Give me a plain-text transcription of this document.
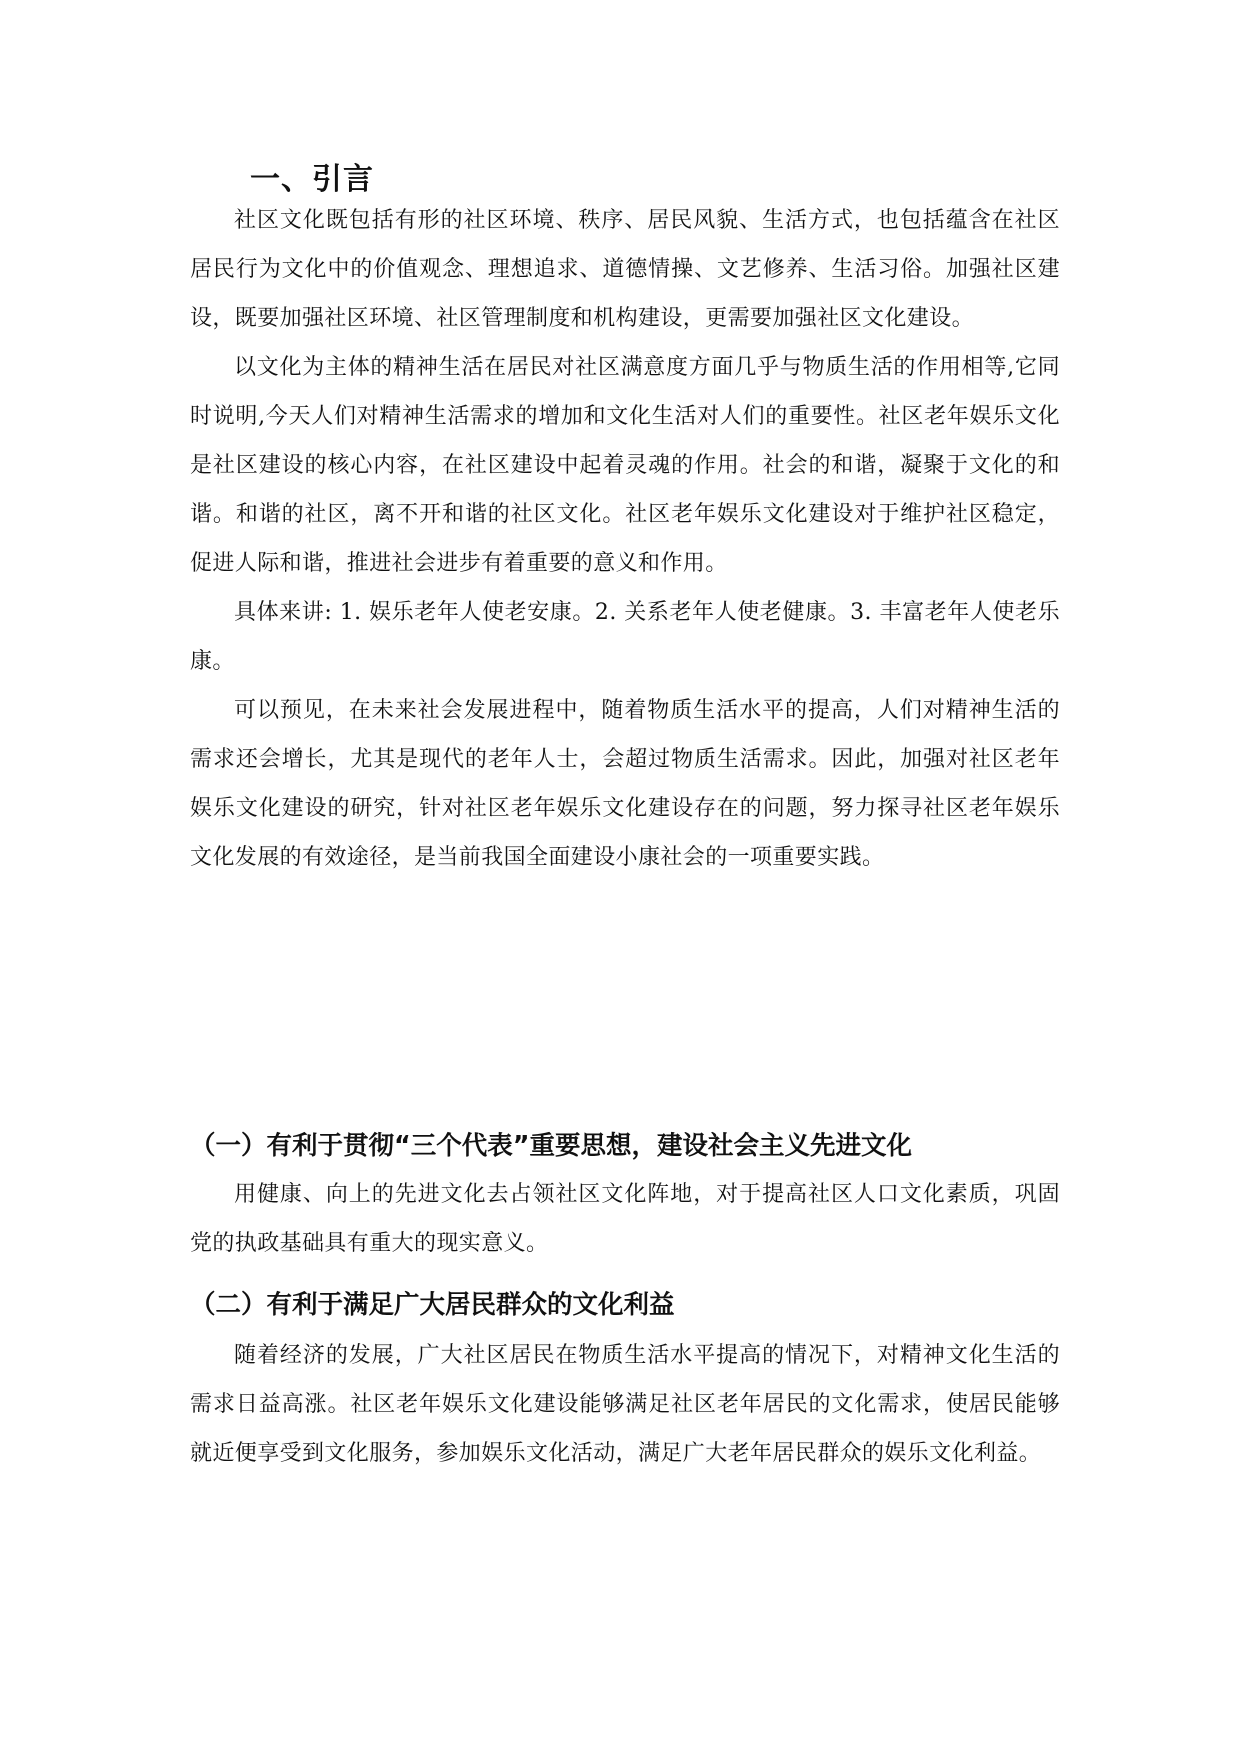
一、引言

社区文化既包括有形的社区环境、秩序、居民风貌、生活方式，也包括蕴含在社区居民行为文化中的价值观念、理想追求、道德情操、文艺修养、生活习俗。加强社区建设，既要加强社区环境、社区管理制度和机构建设，更需要加强社区文化建设。

以文化为主体的精神生活在居民对社区满意度方面几乎与物质生活的作用相等,它同时说明,今天人们对精神生活需求的增加和文化生活对人们的重要性。社区老年娱乐文化是社区建设的核心内容，在社区建设中起着灵魂的作用。社会的和谐，凝聚于文化的和谐。和谐的社区，离不开和谐的社区文化。社区老年娱乐文化建设对于维护社区稳定，促进人际和谐，推进社会进步有着重要的意义和作用。

具体来讲: 1. 娱乐老年人使老安康。2. 关系老年人使老健康。3. 丰富老年人使老乐康。

可以预见，在未来社会发展进程中，随着物质生活水平的提高，人们对精神生活的需求还会增长，尤其是现代的老年人士，会超过物质生活需求。因此，加强对社区老年娱乐文化建设的研究，针对社区老年娱乐文化建设存在的问题，努力探寻社区老年娱乐文化发展的有效途径，是当前我国全面建设小康社会的一项重要实践。

（一）有利于贯彻“三个代表”重要思想，建设社会主义先进文化

用健康、向上的先进文化去占领社区文化阵地，对于提高社区人口文化素质，巩固党的执政基础具有重大的现实意义。

（二）有利于满足广大居民群众的文化利益

随着经济的发展，广大社区居民在物质生活水平提高的情况下，对精神文化生活的需求日益高涨。社区老年娱乐文化建设能够满足社区老年居民的文化需求，使居民能够就近便享受到文化服务，参加娱乐文化活动，满足广大老年居民群众的娱乐文化利益。
